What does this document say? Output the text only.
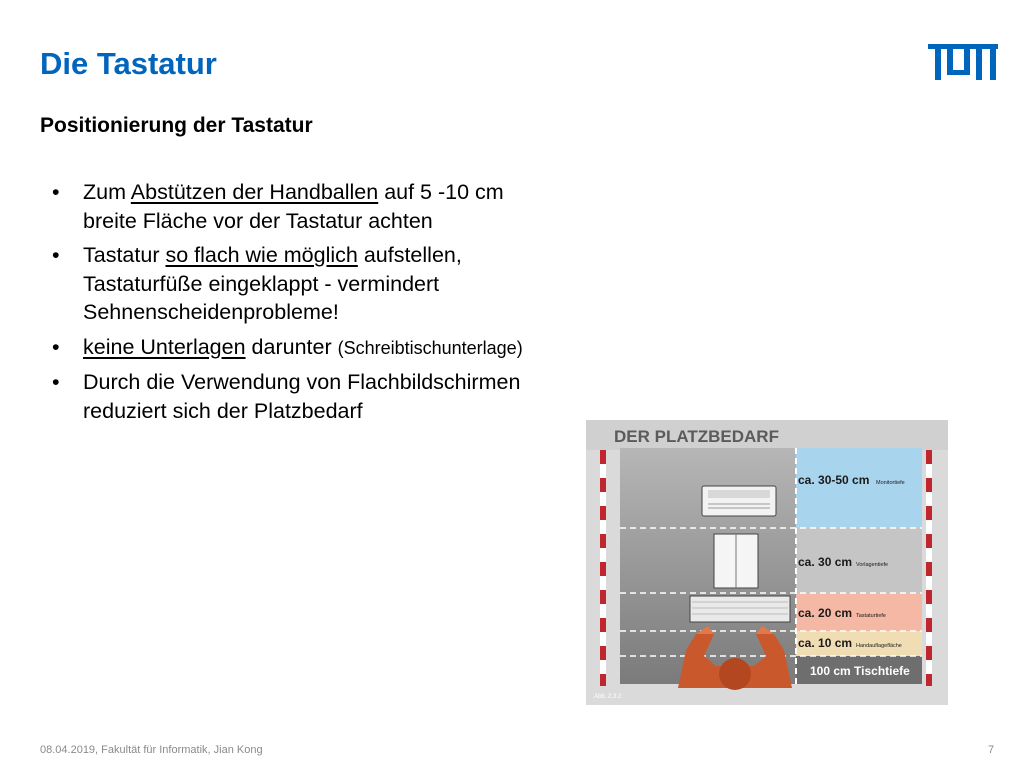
Die Tastatur
Positionierung der Tastatur
• Zum Abstützen der Handballen auf 5 -10 cm
breite Fläche vor der Tastatur achten
• Tastatur so flach wie möglich aufstellen,
Tastaturfüße eingeklappt - vermindert
Sehnenscheidenprobleme!
• keine Unterlagen darunter (Schreibtischunterlage)
• Durch die Verwendung von Flachbildschirmen
reduziert sich der Platzbedarf
DER PLATZBEDARF
ca. 30-50 cm Monitortiefe
ca. 30 cm Vorlagentiefe
ca. 20 cm Tastaturtiefe
ca. 10 cm Handauflagefläche
100 cm Tischtiefe
Abb. 2.3.2
08.04.2019, Fakultät für Informatik, Jian Kong	7
